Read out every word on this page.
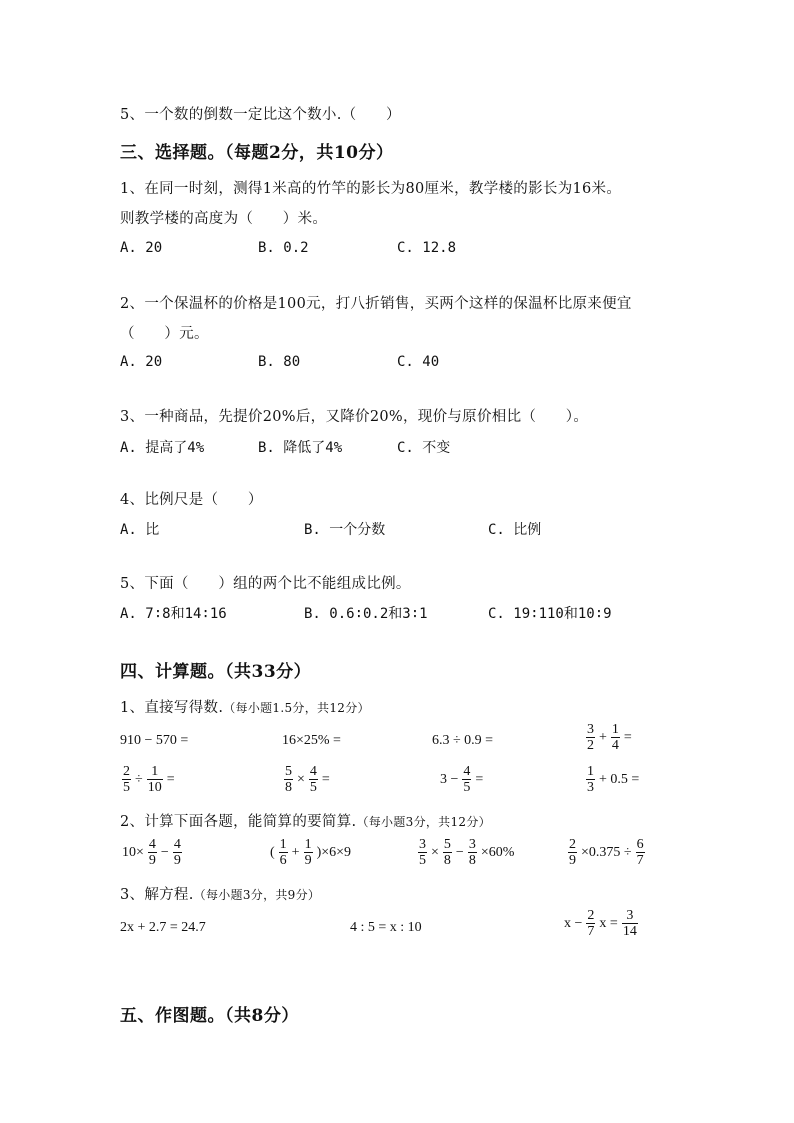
5、一个数的倒数一定比这个数小.（　　）
三、选择题。（每题2分，共10分）
1、在同一时刻，测得1米高的竹竿的影长为80厘米，教学楼的影长为16米。
则教学楼的高度为（　　）米。
A. 20	B. 0.2	C. 12.8
2、一个保温杯的价格是100元，打八折销售，买两个这样的保温杯比原来便宜
（　　）元。
A. 20	B. 80	C. 40
3、一种商品，先提价20%后，又降价20%，现价与原价相比（　　）。
A. 提高了4%	B. 降低了4%	C. 不变
4、比例尺是（　　）
A. 比	B. 一个分数	C. 比例
5、下面（　　）组的两个比不能组成比例。
A. 7∶8和14∶16	B. 0.6∶0.2和3∶1	C. 19∶110和10∶9
四、计算题。（共33分）
1、直接写得数.（每小题1.5分，共12分）
910 − 570 =	16×25% =	6.3 ÷ 0.9 =	$\frac{3}{2} + \frac{1}{4}$ =
$\frac{2}{5} \div \frac{1}{10}$ =	$\frac{5}{8} \times \frac{4}{5}$ =	$3 - \frac{4}{5}$ =	$\frac{1}{3} + 0.5$ =
2、计算下面各题，能简算的要简算.（每小题3分，共12分）
$10\times \frac{4}{9} - \frac{4}{9}$	( $\frac{1}{6} + \frac{1}{9} )\times 6\times 9$	$\frac{3}{5} \times \frac{5}{8} - \frac{3}{8} \times 60\%$	$\frac{2}{9} \times 0.375 \div \frac{6}{7}$
3、解方程.（每小题3分，共9分）
2x + 2.7 = 24.7	4 : 5 = x : 10	$x - \frac{2}{7}$ $x = \frac{3}{14}$
五、作图题。（共8分）
